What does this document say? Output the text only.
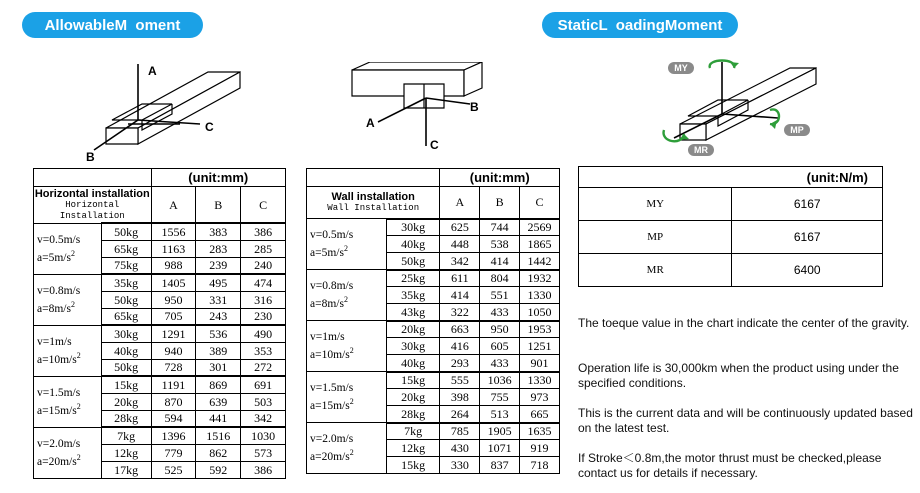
AllowableM  oment	StaticL  oadingMoment
A
B
C	A
B
C
MY
MP
MR
		(unit:mm)		
Horizontal installation
Horizontal Installation		A	B	C
v=0.5m/s
$a=5m/s^2$	50kg	1556	383	386
	65kg	1163	283	285
	75kg	988	239	240
v=0.8m/s
$a=8m/s^2$	35kg	1405	495	474
	50kg	950	331	316
	65kg	705	243	230
v=1m/s
$a=10m/s^2$	30kg	1291	536	490
	40kg	940	389	353
	50kg	728	301	272
v=1.5m/s
$a=15m/s^2$	15kg	1191	869	691
	20kg	870	639	503
	28kg	594	441	342
v=2.0m/s
$a=20m/s^2$	7kg	1396	1516	1030
	12kg	779	862	573
	17kg	525	592	386
		(unit:mm)		
Wall installation
Wall Installation		A	B	C
v=0.5m/s
$a=5m/s^2$	30kg	625	744	2569
	40kg	448	538	1865
	50kg	342	414	1442
v=0.8m/s
$a=8m/s^2$	25kg	611	804	1932
	35kg	414	551	1330
	43kg	322	433	1050
v=1m/s
$a=10m/s^2$	20kg	663	950	1953
	30kg	416	605	1251
	40kg	293	433	901
v=1.5m/s
$a=15m/s^2$	15kg	555	1036	1330
	20kg	398	755	973
	28kg	264	513	665
v=2.0m/s
$a=20m/s^2$	7kg	785	1905	1635
	12kg	430	1071	919
	15kg	330	837	718
(unit:N/m)	
MY	6167
MP	6167
MR	6400
The toeque value in the chart indicate the center of the gravity.
Operation life is 30,000km when the product using under the specified conditions.
This is the current data and will be continuously updated based on the latest test.
If Stroke＜0.8m,the motor thrust must be checked,please contact us for details if necessary.
